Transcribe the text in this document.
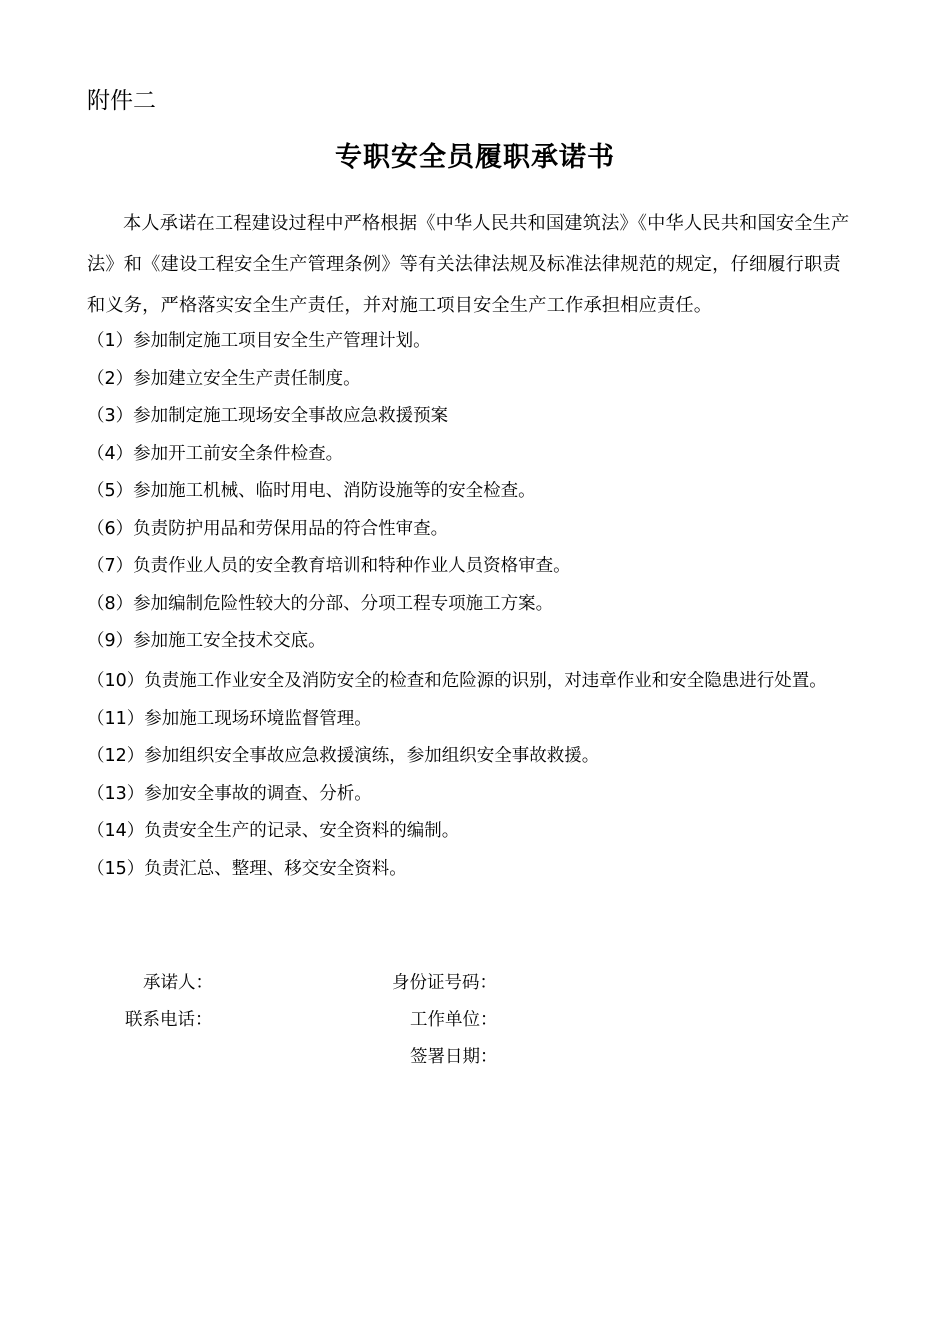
附件二
专职安全员履职承诺书

本人承诺在工程建设过程中严格根据《中华人民共和国建筑法》《中华人民共和国安全生产法》和《建设工程安全生产管理条例》等有关法律法规及标准法律规范的规定，仔细履行职责和义务，严格落实安全生产责任，并对施工项目安全生产工作承担相应责任。

（1）参加制定施工项目安全生产管理计划。
（2）参加建立安全生产责任制度。
（3）参加制定施工现场安全事故应急救援预案
（4）参加开工前安全条件检查。
（5）参加施工机械、临时用电、消防设施等的安全检查。
（6）负责防护用品和劳保用品的符合性审查。
（7）负责作业人员的安全教育培训和特种作业人员资格审查。
（8）参加编制危险性较大的分部、分项工程专项施工方案。
（9）参加施工安全技术交底。
（10）负责施工作业安全及消防安全的检查和危险源的识别，对违章作业和安全隐患进行处置。
（11）参加施工现场环境监督管理。
（12）参加组织安全事故应急救援演练，参加组织安全事故救援。
（13）参加安全事故的调查、分析。
（14）负责安全生产的记录、安全资料的编制。
（15）负责汇总、整理、移交安全资料。
承诺人：	身份证号码：
联系电话：	工作单位：
签署日期：
